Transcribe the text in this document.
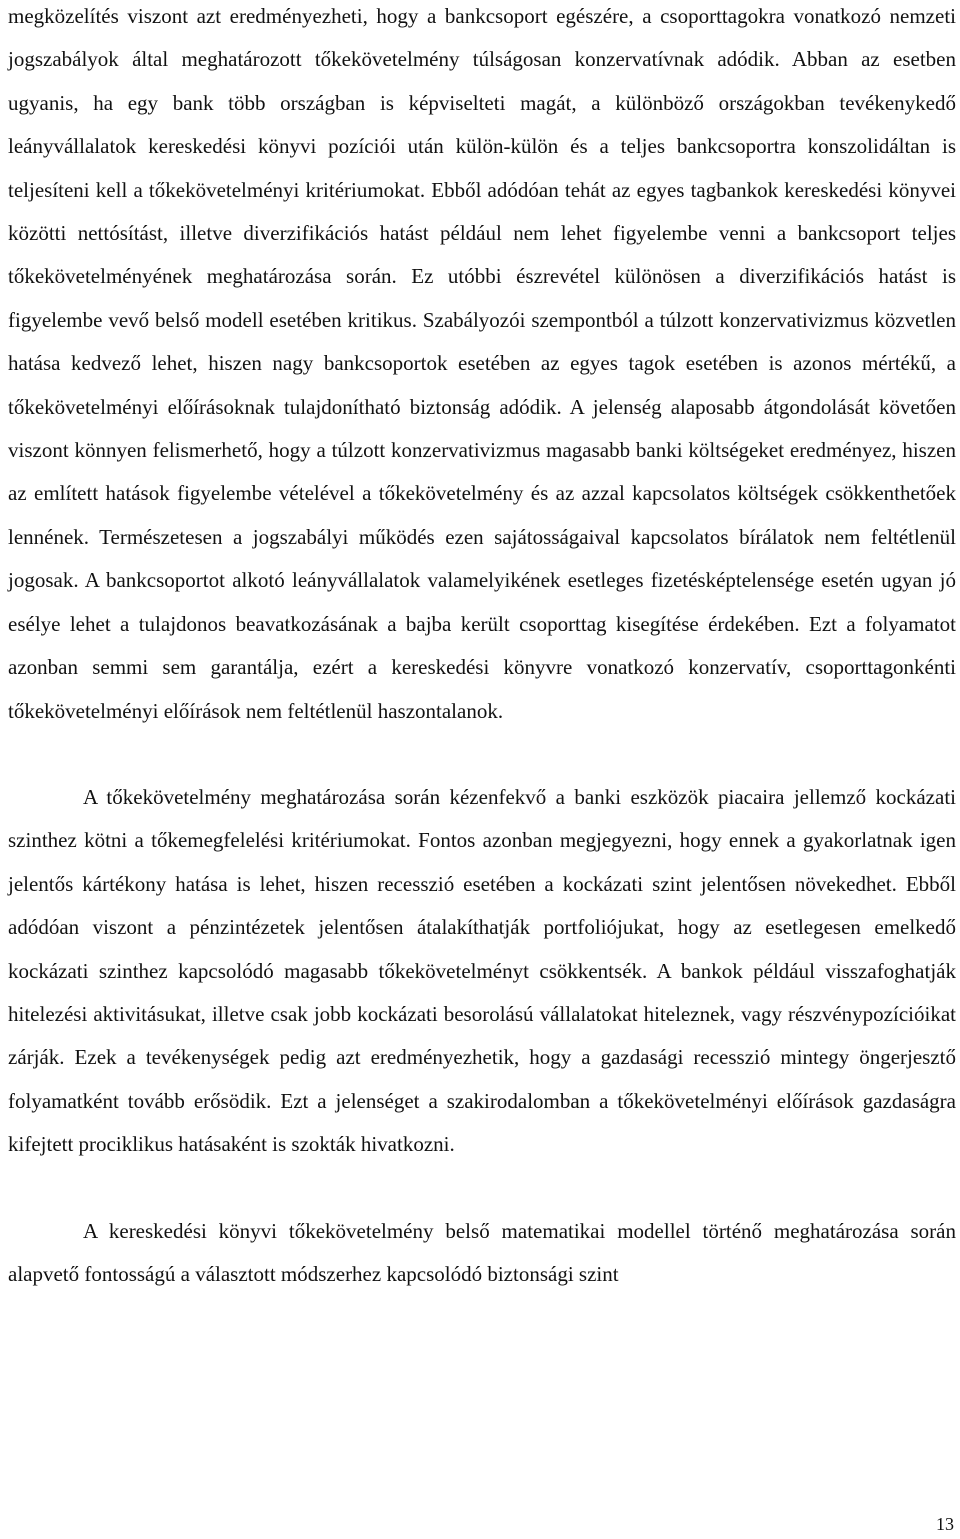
megközelítés viszont azt eredményezheti, hogy a bankcsoport egészére, a csoporttagokra vonatkozó nemzeti jogszabályok által meghatározott tőkekövetelmény túlságosan konzervatívnak adódik. Abban az esetben ugyanis, ha egy bank több országban is képviselteti magát, a különböző országokban tevékenykedő leányvállalatok kereskedési könyvi pozíciói után külön-külön és a teljes bankcsoportra konszolidáltan is teljesíteni kell a tőkekövetelményi kritériumokat. Ebből adódóan tehát az egyes tagbankok kereskedési könyvei közötti nettósítást, illetve diverzifikációs hatást például nem lehet figyelembe venni a bankcsoport teljes tőkekövetelményének meghatározása során. Ez utóbbi észrevétel különösen a diverzifikációs hatást is figyelembe vevő belső modell esetében kritikus. Szabályozói szempontból a túlzott konzervativizmus közvetlen hatása kedvező lehet, hiszen nagy bankcsoportok esetében az egyes tagok esetében is azonos mértékű, a tőkekövetelményi előírásoknak tulajdonítható biztonság adódik. A jelenség alaposabb átgondolását követően viszont könnyen felismerhető, hogy a túlzott konzervativizmus magasabb banki költségeket eredményez, hiszen az említett hatások figyelembe vételével a tőkekövetelmény és az azzal kapcsolatos költségek csökkenthetőek lennének. Természetesen a jogszabályi működés ezen sajátosságaival kapcsolatos bírálatok nem feltétlenül jogosak. A bankcsoportot alkotó leányvállalatok valamelyikének esetleges fizetésképtelensége esetén ugyan jó esélye lehet a tulajdonos beavatkozásának a bajba került csoporttag kisegítése érdekében. Ezt a folyamatot azonban semmi sem garantálja, ezért a kereskedési könyvre vonatkozó konzervatív, csoporttagonkénti tőkekövetelményi előírások nem feltétlenül haszontalanok.

A tőkekövetelmény meghatározása során kézenfekvő a banki eszközök piacaira jellemző kockázati szinthez kötni a tőkemegfelelési kritériumokat. Fontos azonban megjegyezni, hogy ennek a gyakorlatnak igen jelentős kártékony hatása is lehet, hiszen recesszió esetében a kockázati szint jelentősen növekedhet. Ebből adódóan viszont a pénzintézetek jelentősen átalakíthatják portfoliójukat, hogy az esetlegesen emelkedő kockázati szinthez kapcsolódó magasabb tőkekövetelményt csökkentsék. A bankok például visszafoghatják hitelezési aktivitásukat, illetve csak jobb kockázati besorolású vállalatokat hiteleznek, vagy részvénypozícióikat zárják. Ezek a tevékenységek pedig azt eredményezhetik, hogy a gazdasági recesszió mintegy öngerjesztő folyamatként tovább erősödik. Ezt a jelenséget a szakirodalomban a tőkekövetelményi előírások gazdaságra kifejtett prociklikus hatásaként is szokták hivatkozni.

A kereskedési könyvi tőkekövetelmény belső matematikai modellel történő meghatározása során alapvető fontosságú a választott módszerhez kapcsolódó biztonsági szint

13
